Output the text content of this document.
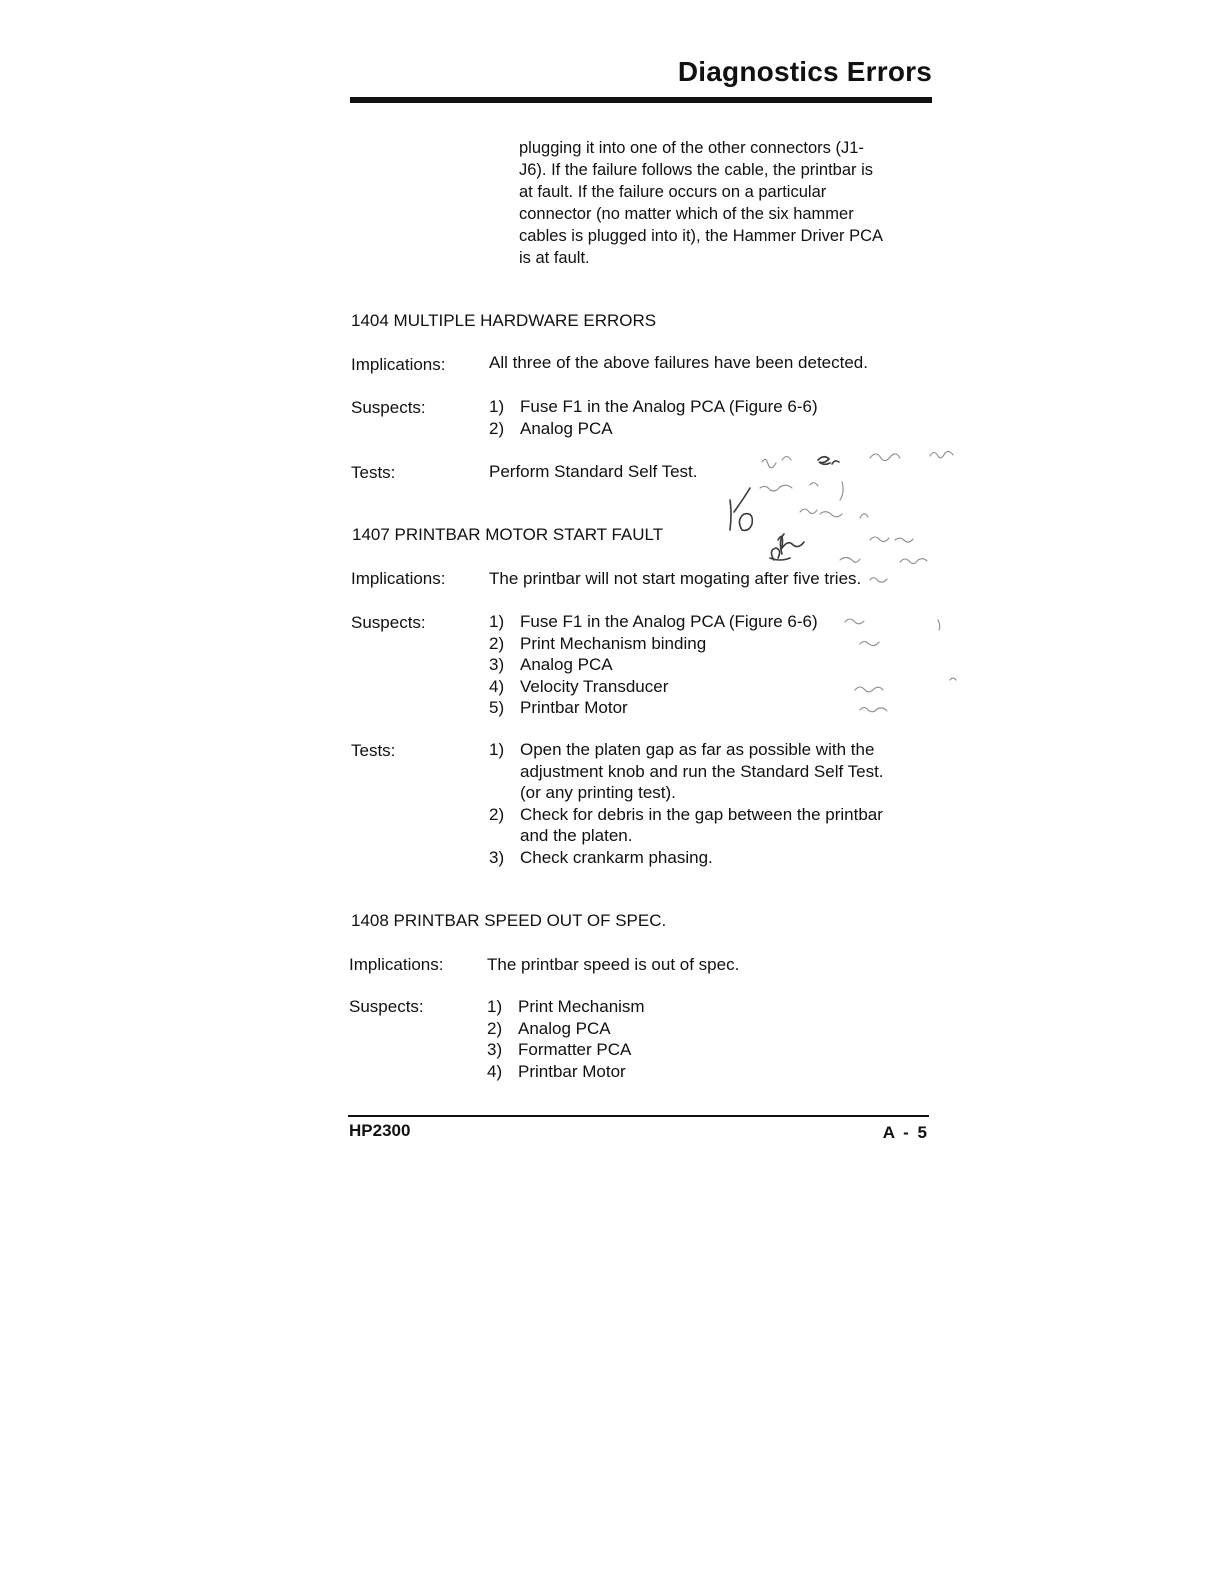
Diagnostics Errors
plugging it into one of the other connectors (J1-
J6). If the failure follows the cable, the printbar is
at fault. If the failure occurs on a particular
connector (no matter which of the six hammer
cables is plugged into it), the Hammer Driver PCA
is at fault.
1404 MULTIPLE HARDWARE ERRORS
Implications:	All three of the above failures have been detected.
Suspects:	1) Fuse F1 in the Analog PCA (Figure 6-6)
2) Analog PCA
Tests:	Perform Standard Self Test.
1407 PRINTBAR MOTOR START FAULT
Implications:	The printbar will not start mogating after five tries.
Suspects:	1) Fuse F1 in the Analog PCA (Figure 6-6)
2) Print Mechanism binding
3) Analog PCA
4) Velocity Transducer
5) Printbar Motor
Tests:	1) Open the platen gap as far as possible with the
adjustment knob and run the Standard Self Test.
(or any printing test).
2) Check for debris in the gap between the printbar
and the platen.
3) Check crankarm phasing.
1408 PRINTBAR SPEED OUT OF SPEC.
Implications:	The printbar speed is out of spec.
Suspects:	1) Print Mechanism
2) Analog PCA
3) Formatter PCA
4) Printbar Motor
HP2300	A - 5
